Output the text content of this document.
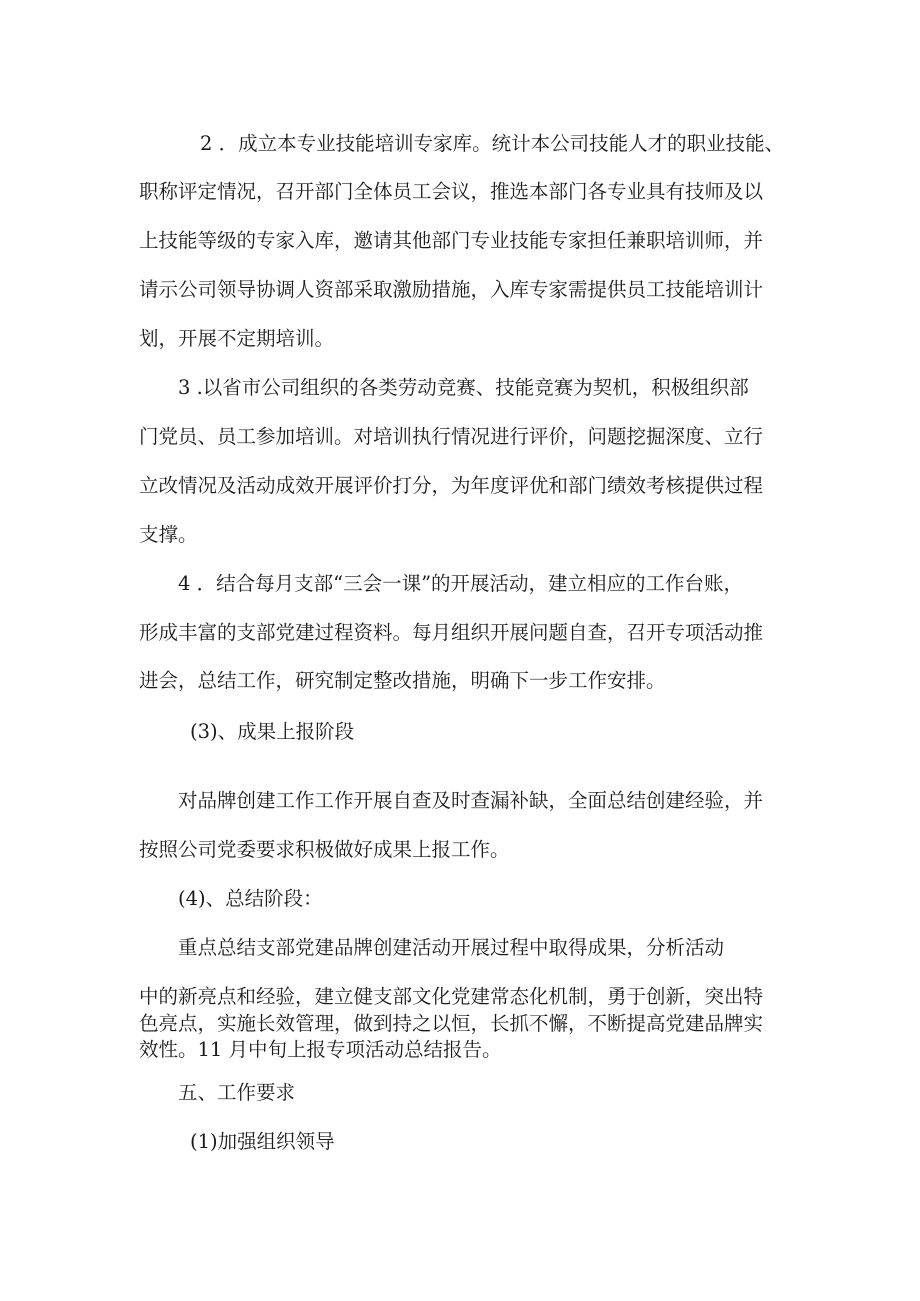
2 ．成立本专业技能培训专家库。统计本公司技能人才的职业技能、
职称评定情况，召开部门全体员工会议，推选本部门各专业具有技师及以
上技能等级的专家入库，邀请其他部门专业技能专家担任兼职培训师，并
请示公司领导协调人资部采取激励措施，入库专家需提供员工技能培训计
划，开展不定期培训。
3 .以省市公司组织的各类劳动竞赛、技能竞赛为契机，积极组织部
门党员、员工参加培训。对培训执行情况进行评价，问题挖掘深度、立行
立改情况及活动成效开展评价打分，为年度评优和部门绩效考核提供过程
支撑。
4 ．结合每月支部“三会一课”的开展活动，建立相应的工作台账，
形成丰富的支部党建过程资料。每月组织开展问题自查，召开专项活动推
进会，总结工作，研究制定整改措施，明确下一步工作安排。
(3)、成果上报阶段
对品牌创建工作工作开展自查及时查漏补缺，全面总结创建经验，并
按照公司党委要求积极做好成果上报工作。
(4)、总结阶段：
重点总结支部党建品牌创建活动开展过程中取得成果，分析活动
中的新亮点和经验，建立健支部文化党建常态化机制，勇于创新，突出特
色亮点，实施长效管理，做到持之以恒，长抓不懈，不断提高党建品牌实
效性。11 月中旬上报专项活动总结报告。
五、工作要求
(1)加强组织领导
